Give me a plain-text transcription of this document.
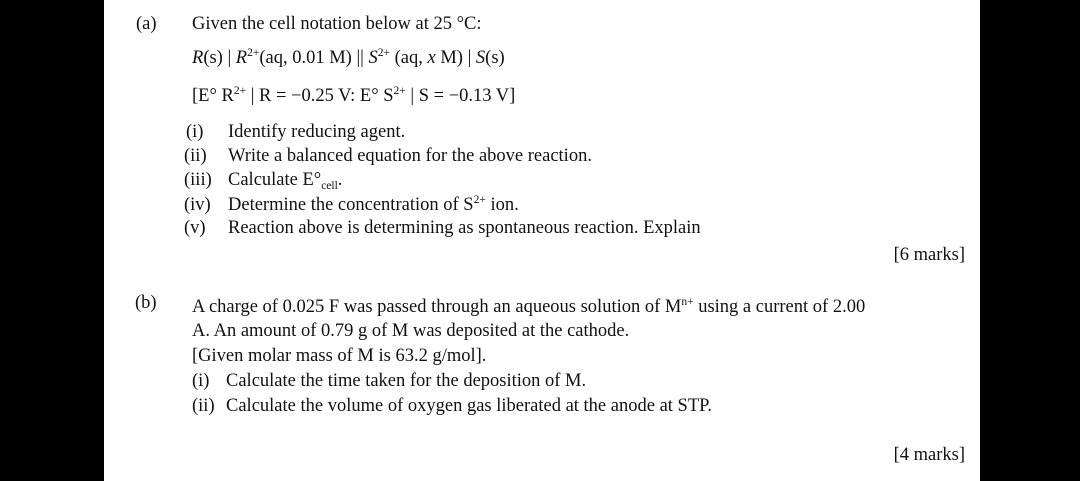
(a) Given the cell notation below at 25 °C:
R(s) | $R^{2+}(aq$, 0.01 M) || $S^{2+}$ (aq, x M) | S(s)
[E° $R^{2+}$ | R = −0.25 V: E° $S^{2+}$ | S = −0.13 V]
(i) Identify reducing agent.
(ii) Write a balanced equation for the above reaction.
(iii) Calculate $E^\circ_{cell}$.
(iv) Determine the concentration of $S^{2+}$ ion.
(v) Reaction above is determining as spontaneous reaction. Explain
[6 marks]
(b) A charge of 0.025 F was passed through an aqueous solution of $M^{n+}$ using a current of 2.00
A. An amount of 0.79 g of M was deposited at the cathode.
[Given molar mass of M is 63.2 g/mol].
(i) Calculate the time taken for the deposition of M.
(ii) Calculate the volume of oxygen gas liberated at the anode at STP.
[4 marks]
